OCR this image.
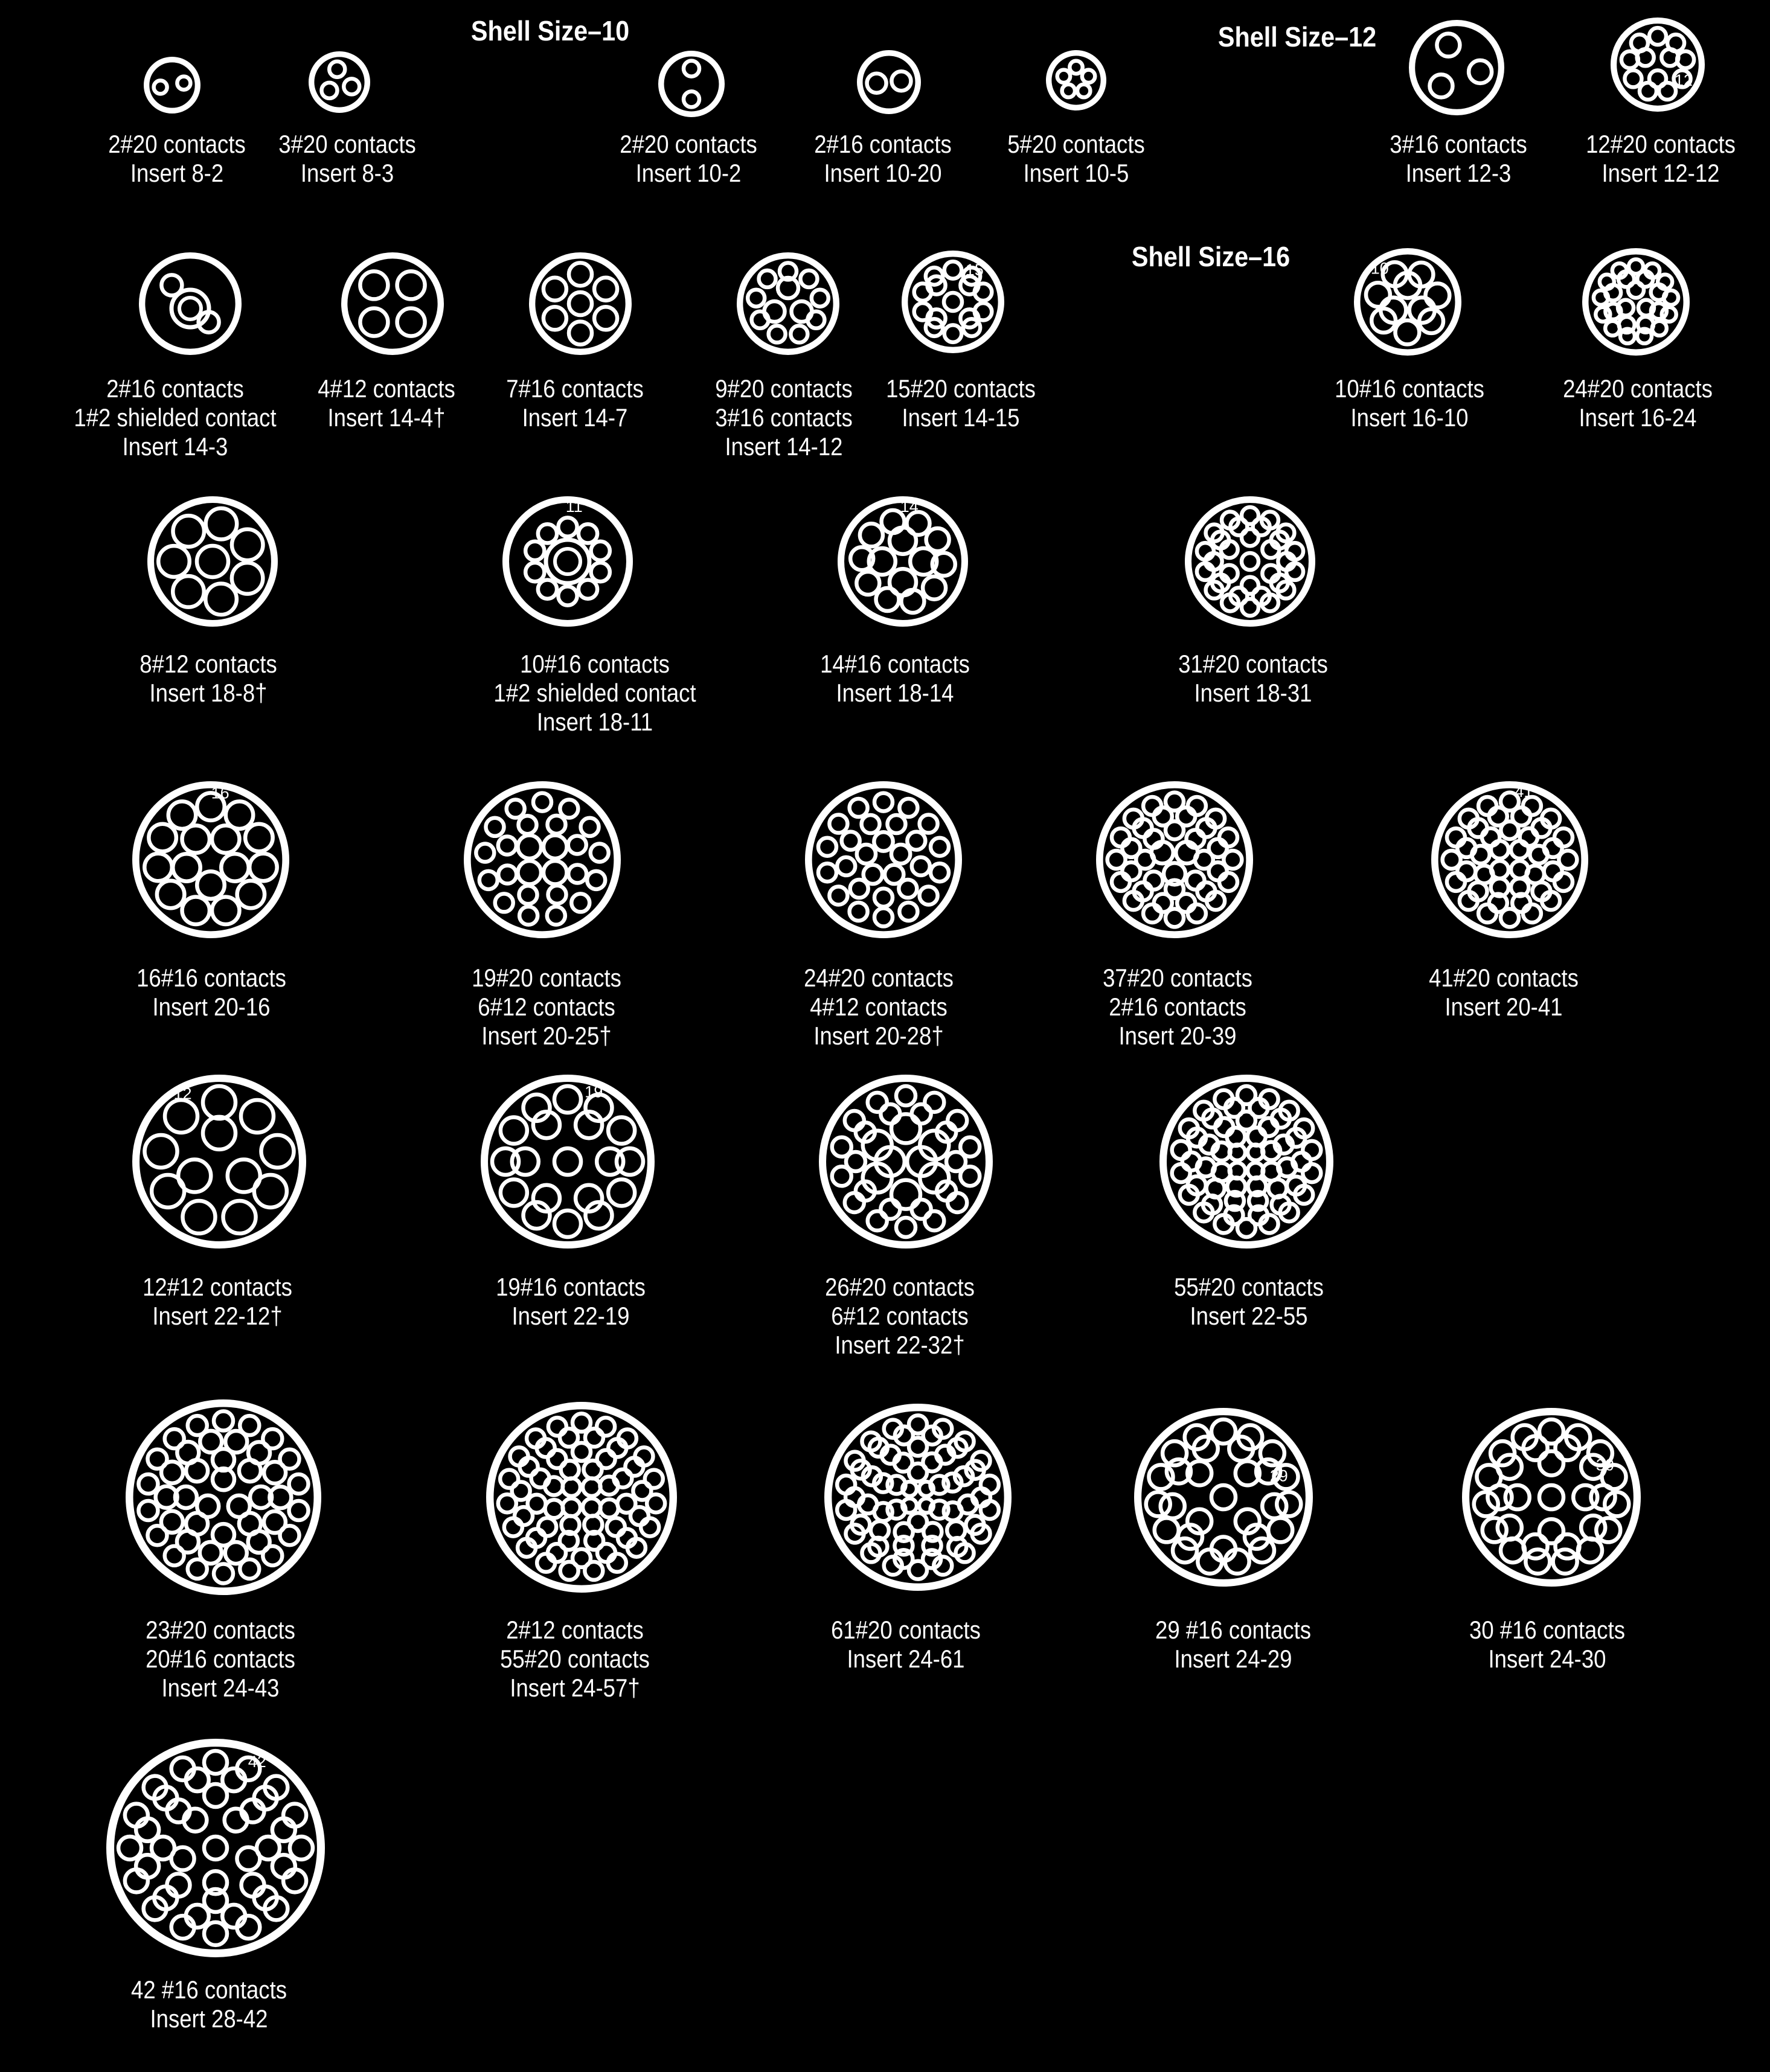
Shell Size–10	Shell Size–12
Shell Size–16
2#20 contacts
Insert 8-2
3#20 contacts
Insert 8-3
2#20 contacts
Insert 10-2
2#16 contacts
Insert 10-20
5#20 contacts
Insert 10-5
3#16 contacts
Insert 12-3
12
12#20 contacts
Insert 12-12
2#16 contacts
1#2 shielded contact
Insert 14-3
4#12 contacts
Insert 14-4†
7#16 contacts
Insert 14-7
9#20 contacts
3#16 contacts
Insert 14-12
15
15#20 contacts
Insert 14-15
10
10#16 contacts
Insert 16-10
24#20 contacts
Insert 16-24
8#12 contacts
Insert 18-8†
11
10#16 contacts
1#2 shielded contact
Insert 18-11
14
14#16 contacts
Insert 18-14
31#20 contacts
Insert 18-31
16
16#16 contacts
Insert 20-16
19#20 contacts
6#12 contacts
Insert 20-25†
24#20 contacts
4#12 contacts
Insert 20-28†
37#20 contacts
2#16 contacts
Insert 20-39
41
41#20 contacts
Insert 20-41
12
12#12 contacts
Insert 22-12†
19
19#16 contacts
Insert 22-19
26#20 contacts
6#12 contacts
Insert 22-32†
55#20 contacts
Insert 22-55
23#20 contacts
20#16 contacts
Insert 24-43
2#12 contacts
55#20 contacts
Insert 24-57†
61#20 contacts
Insert 24-61
29
29 #16 contacts
Insert 24-29
30
30 #16 contacts
Insert 24-30
42
42 #16 contacts
Insert 28-42
